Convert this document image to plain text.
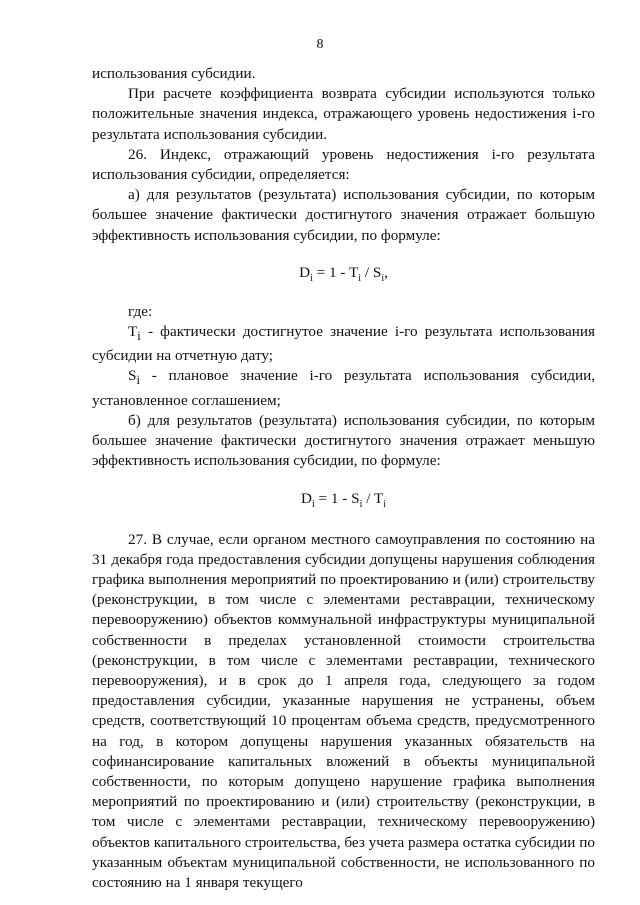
8

использования субсидии.

При расчете коэффициента возврата субсидии используются только положительные значения индекса, отражающего уровень недостижения i-го результата использования субсидии.

26. Индекс, отражающий уровень недостижения i-го результата использования субсидии, определяется:

а) для результатов (результата) использования субсидии, по которым большее значение фактически достигнутого значения отражает большую эффективность использования субсидии, по формуле:

$D_i = 1 - T_i / S_i$,

где:

$T_i$ - фактически достигнутое значение i-го результата использования субсидии на отчетную дату;

$S_i$ - плановое значение i-го результата использования субсидии, установленное соглашением;

б) для результатов (результата) использования субсидии, по которым большее значение фактически достигнутого значения отражает меньшую эффективность использования субсидии, по формуле:

$D_i = 1 - S_i / T_i$

27. В случае, если органом местного самоуправления по состоянию на 31 декабря года предоставления субсидии допущены нарушения соблюдения графика выполнения мероприятий по проектированию и (или) строительству (реконструкции, в том числе с элементами реставрации, техническому перевооружению) объектов коммунальной инфраструктуры муниципальной собственности в пределах установленной стоимости строительства (реконструкции, в том числе с элементами реставрации, технического перевооружения), и в срок до 1 апреля года, следующего за годом предоставления субсидии, указанные нарушения не устранены, объем средств, соответствующий 10 процентам объема средств, предусмотренного на год, в котором допущены нарушения указанных обязательств на софинансирование капитальных вложений в объекты муниципальной собственности, по которым допущено нарушение графика выполнения мероприятий по проектированию и (или) строительству (реконструкции, в том числе с элементами реставрации, техническому перевооружению) объектов капитального строительства, без учета размера остатка субсидии по указанным объектам муниципальной собственности, не использованного по состоянию на 1 января текущего
